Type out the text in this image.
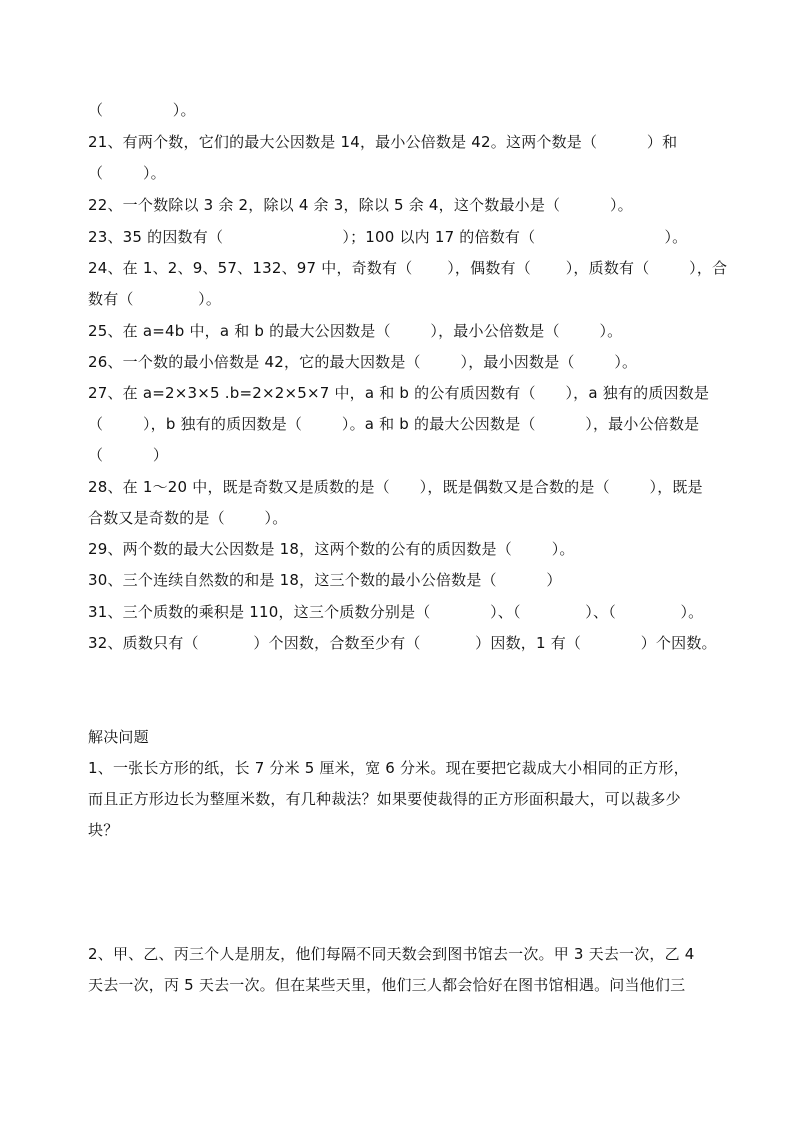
（              ）。
21、有两个数，它们的最大公因数是 14，最小公倍数是 42。这两个数是（          ）和
（        ）。
22、一个数除以 3 余 2，除以 4 余 3，除以 5 余 4，这个数最小是（          ）。
23、35 的因数有（                        ）；100 以内 17 的倍数有（                          ）。
24、在 1、2、9、57、132、97 中，奇数有（       ），偶数有（       ），质数有（        ），合
数有（             ）。
25、在 a=4b 中，a 和 b 的最大公因数是（        ），最小公倍数是（        ）。
26、一个数的最小倍数是 42，它的最大因数是（        ），最小因数是（        ）。
27、在 a=2×3×5 .b=2×2×5×7 中，a 和 b 的公有质因数有（      ），a 独有的质因数是
（        ），b 独有的质因数是（        ）。a 和 b 的最大公因数是（          ），最小公倍数是
（          ）
28、在 1～20 中，既是奇数又是质数的是（      ），既是偶数又是合数的是（        ），既是
合数又是奇数的是（        ）。
29、两个数的最大公因数是 18，这两个数的公有的质因数是（        ）。
30、三个连续自然数的和是 18，这三个数的最小公倍数是（          ）
31、三个质数的乘积是 110，这三个质数分别是（            ）、（             ）、（             ）。
32、质数只有（           ）个因数，合数至少有（           ）因数，1 有（            ）个因数。
解决问题
1、一张长方形的纸，长 7 分米 5 厘米，宽 6 分米。现在要把它裁成大小相同的正方形，
而且正方形边长为整厘米数，有几种裁法？如果要使裁得的正方形面积最大，可以裁多少
块？
2、甲、乙、丙三个人是朋友，他们每隔不同天数会到图书馆去一次。甲 3 天去一次，乙 4
天去一次，丙 5 天去一次。但在某些天里，他们三人都会恰好在图书馆相遇。问当他们三
